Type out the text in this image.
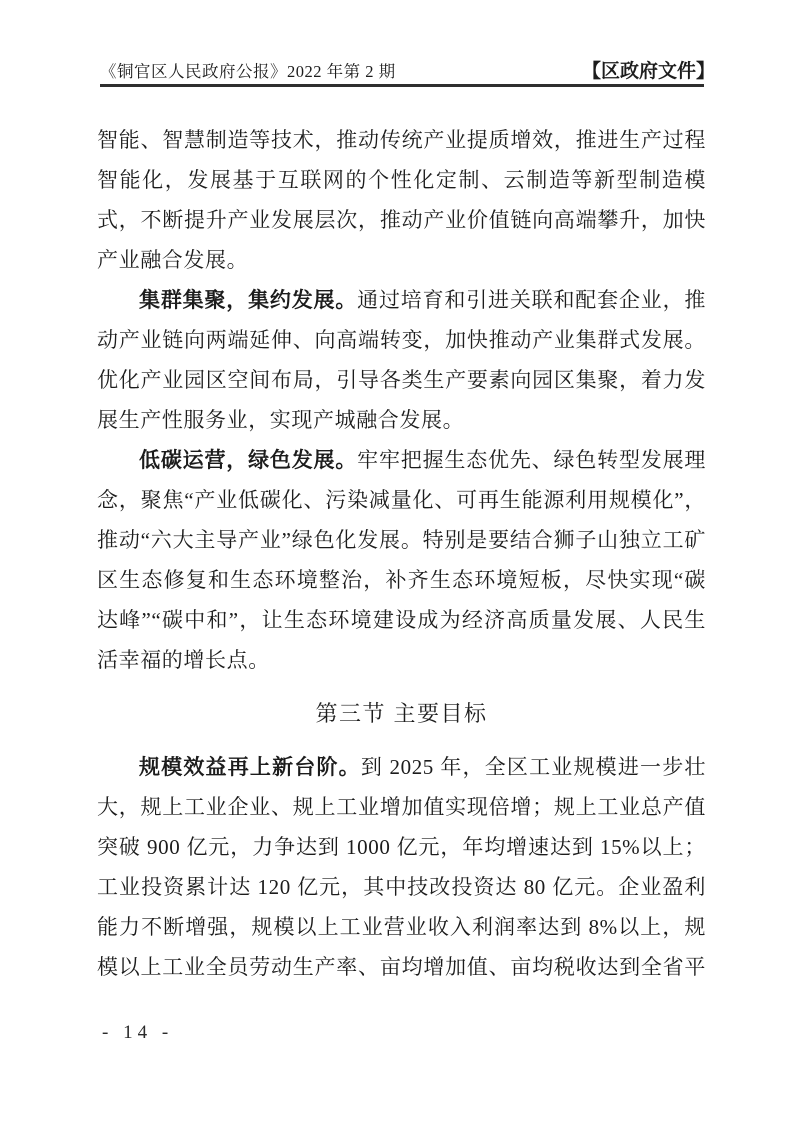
《铜官区人民政府公报》2022 年第 2 期	【区政府文件】

智能、智慧制造等技术，推动传统产业提质增效，推进生产过程智能化，发展基于互联网的个性化定制、云制造等新型制造模式，不断提升产业发展层次，推动产业价值链向高端攀升，加快产业融合发展。

集群集聚，集约发展。通过培育和引进关联和配套企业，推动产业链向两端延伸、向高端转变，加快推动产业集群式发展。优化产业园区空间布局，引导各类生产要素向园区集聚，着力发展生产性服务业，实现产城融合发展。

低碳运营，绿色发展。牢牢把握生态优先、绿色转型发展理念，聚焦“产业低碳化、污染减量化、可再生能源利用规模化”，推动“六大主导产业”绿色化发展。特别是要结合狮子山独立工矿区生态修复和生态环境整治，补齐生态环境短板，尽快实现“碳达峰”“碳中和”，让生态环境建设成为经济高质量发展、人民生活幸福的增长点。

第三节 主要目标

规模效益再上新台阶。到 2025 年，全区工业规模进一步壮大，规上工业企业、规上工业增加值实现倍增；规上工业总产值突破 900 亿元，力争达到 1000 亿元，年均增速达到 15%以上；工业投资累计达 120 亿元，其中技改投资达 80 亿元。企业盈利能力不断增强，规模以上工业营业收入利润率达到 8%以上，规模以上工业全员劳动生产率、亩均增加值、亩均税收达到全省平

- 14 -
